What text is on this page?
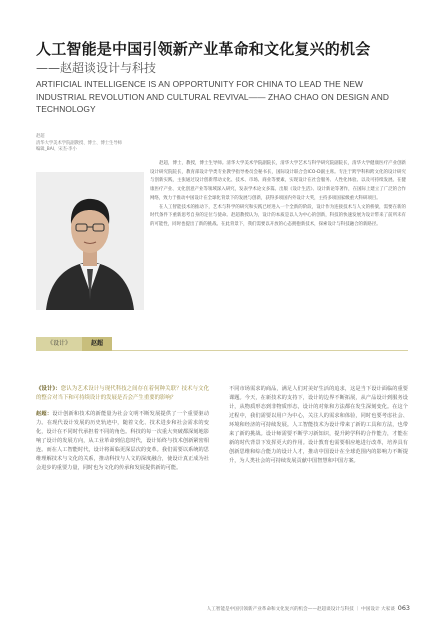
人工智能是中国引领新产业革命和文化复兴的机会
——赵超谈设计与科技
ARTIFICIAL INTELLIGENCE IS AN OPPORTUNITY FOR CHINA TO LEAD THE NEW INDUSTRIAL REVOLUTION AND CULTURAL REVIVAL—— ZHAO CHAO ON DESIGN AND TECHNOLOGY
赵超
清华大学美术学院副教授、博士、博士生导师
编辑_BAI、宋杰·李小

赵超，博士，教授，博士生导师。清华大学美术学院副院长，清华大学艺术与科学研究院副院长，清华大学健康医疗产业创新设计研究院院长，教育部设计学类专业教学指导委员会秘书长，国际设计联合会ICO-D副主席。专注于跨学科和跨文化的设计研究与创新实践，主张通过设计创新带动文化、技术、市场、商业等要素，实现设计在社会服务、人性化体验、以及可持续发展。在健康医疗产业、文化创意产业等领域深入研究，发表学术论文多篇。出版《设计生活》、设计新论等著作，在国际上建立了广泛的合作网络，致力于推动中国设计在全球化背景下的发展与创新，获得多项国内外设计大奖，主持多项国家级重大科研项目。

在人工智能技术的推动下，艺术与科学的研究和实践已经进入一个全新的阶段，设计作为连接技术与人文的桥梁，需要在新的时代条件下重新思考自身的定位与使命。赵超教授认为，设计的本质是以人为中心的创新，科技的快速发展为设计带来了前所未有的可能性，同时也提出了新的挑战。在此背景下，我们需要以开放的心态拥抱新技术，探索设计与科技融合的新路径。

《设计》	赵超

《设计》：您认为艺术设计与现代科技之间存在着何种关联？技术与文化的整合对当下和可持续设计的发展是否会产生重要的影响？

赵超：设计创新和技术的新能量为社会文明不断发展提供了一个重要驱动力。在现代设计发展的历史轨迹中，随着文化、技术进步和社会需求的变化，设计在不同时代承担着不同的角色。科技的每一次重大突破都深刻地影响了设计的发展方向，从工业革命到信息时代，设计始终与技术创新紧密相连。而在人工智能时代，设计将面临更深层次的变革。我们需要以系统的思维理解技术与文化的关系，推动科技与人文的深度融合，使设计真正成为社会进步的重要力量，同时也为文化的传承和发展提供新的可能。

不同市场需求的商品，满足人们对美好生活的追求，这是当下设计面临的重要课题。今天，在新技术的支持下，设计的边界不断拓展，从产品设计到服务设计，从物质形态到非物质形态，设计的对象和方法都在发生深刻变化。在这个过程中，我们需要以用户为中心，关注人的需求和体验，同时也要考虑社会、环境和经济的可持续发展。人工智能技术为设计带来了新的工具和方法，也带来了新的挑战。设计师需要不断学习新知识，提升跨学科的合作能力，才能在新的时代背景下发挥更大的作用。设计教育也需要相应地进行改革，培养具有创新思维和综合能力的设计人才，推动中国设计在全球范围内的影响力不断提升，为人类社会的可持续发展贡献中国智慧和中国方案。

人工智能是中国引领新产业革命和文化复兴的机会——赵超谈设计与科技 ｜ 中国设计 大家谈 063
